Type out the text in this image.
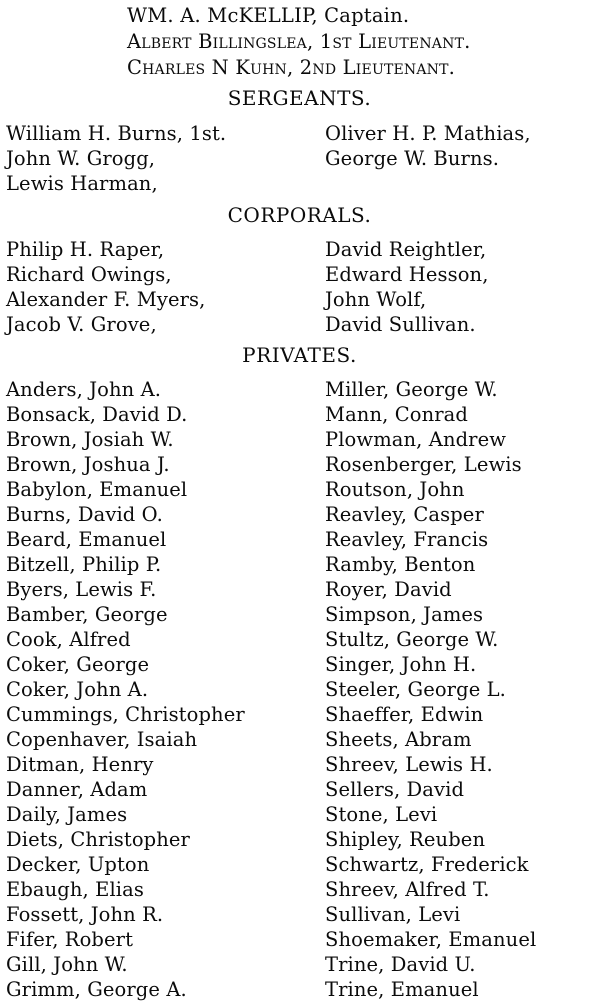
WM. A. McKELLIP, Captain.
Albert Billingslea, 1st Lieutenant.
Charles N Kuhn, 2nd Lieutenant.
SERGEANTS.
William H. Burns, 1st.
John W. Grogg,
Lewis Harman,
Oliver H. P. Mathias,
George W. Burns.
CORPORALS.
Philip H. Raper,
Richard Owings,
Alexander F. Myers,
Jacob V. Grove,
David Reightler,
Edward Hesson,
John Wolf,
David Sullivan.
PRIVATES.
Anders, John A.
Bonsack, David D.
Brown, Josiah W.
Brown, Joshua J.
Babylon, Emanuel
Burns, David O.
Beard, Emanuel
Bitzell, Philip P.
Byers, Lewis F.
Bamber, George
Cook, Alfred
Coker, George
Coker, John A.
Cummings, Christopher
Copenhaver, Isaiah
Ditman, Henry
Danner, Adam
Daily, James
Diets, Christopher
Decker, Upton
Ebaugh, Elias
Fossett, John R.
Fifer, Robert
Gill, John W.
Grimm, George A.
Miller, George W.
Mann, Conrad
Plowman, Andrew
Rosenberger, Lewis
Routson, John
Reavley, Casper
Reavley, Francis
Ramby, Benton
Royer, David
Simpson, James
Stultz, George W.
Singer, John H.
Steeler, George L.
Shaeffer, Edwin
Sheets, Abram
Shreev, Lewis H.
Sellers, David
Stone, Levi
Shipley, Reuben
Schwartz, Frederick
Shreev, Alfred T.
Sullivan, Levi
Shoemaker, Emanuel
Trine, David U.
Trine, Emanuel
